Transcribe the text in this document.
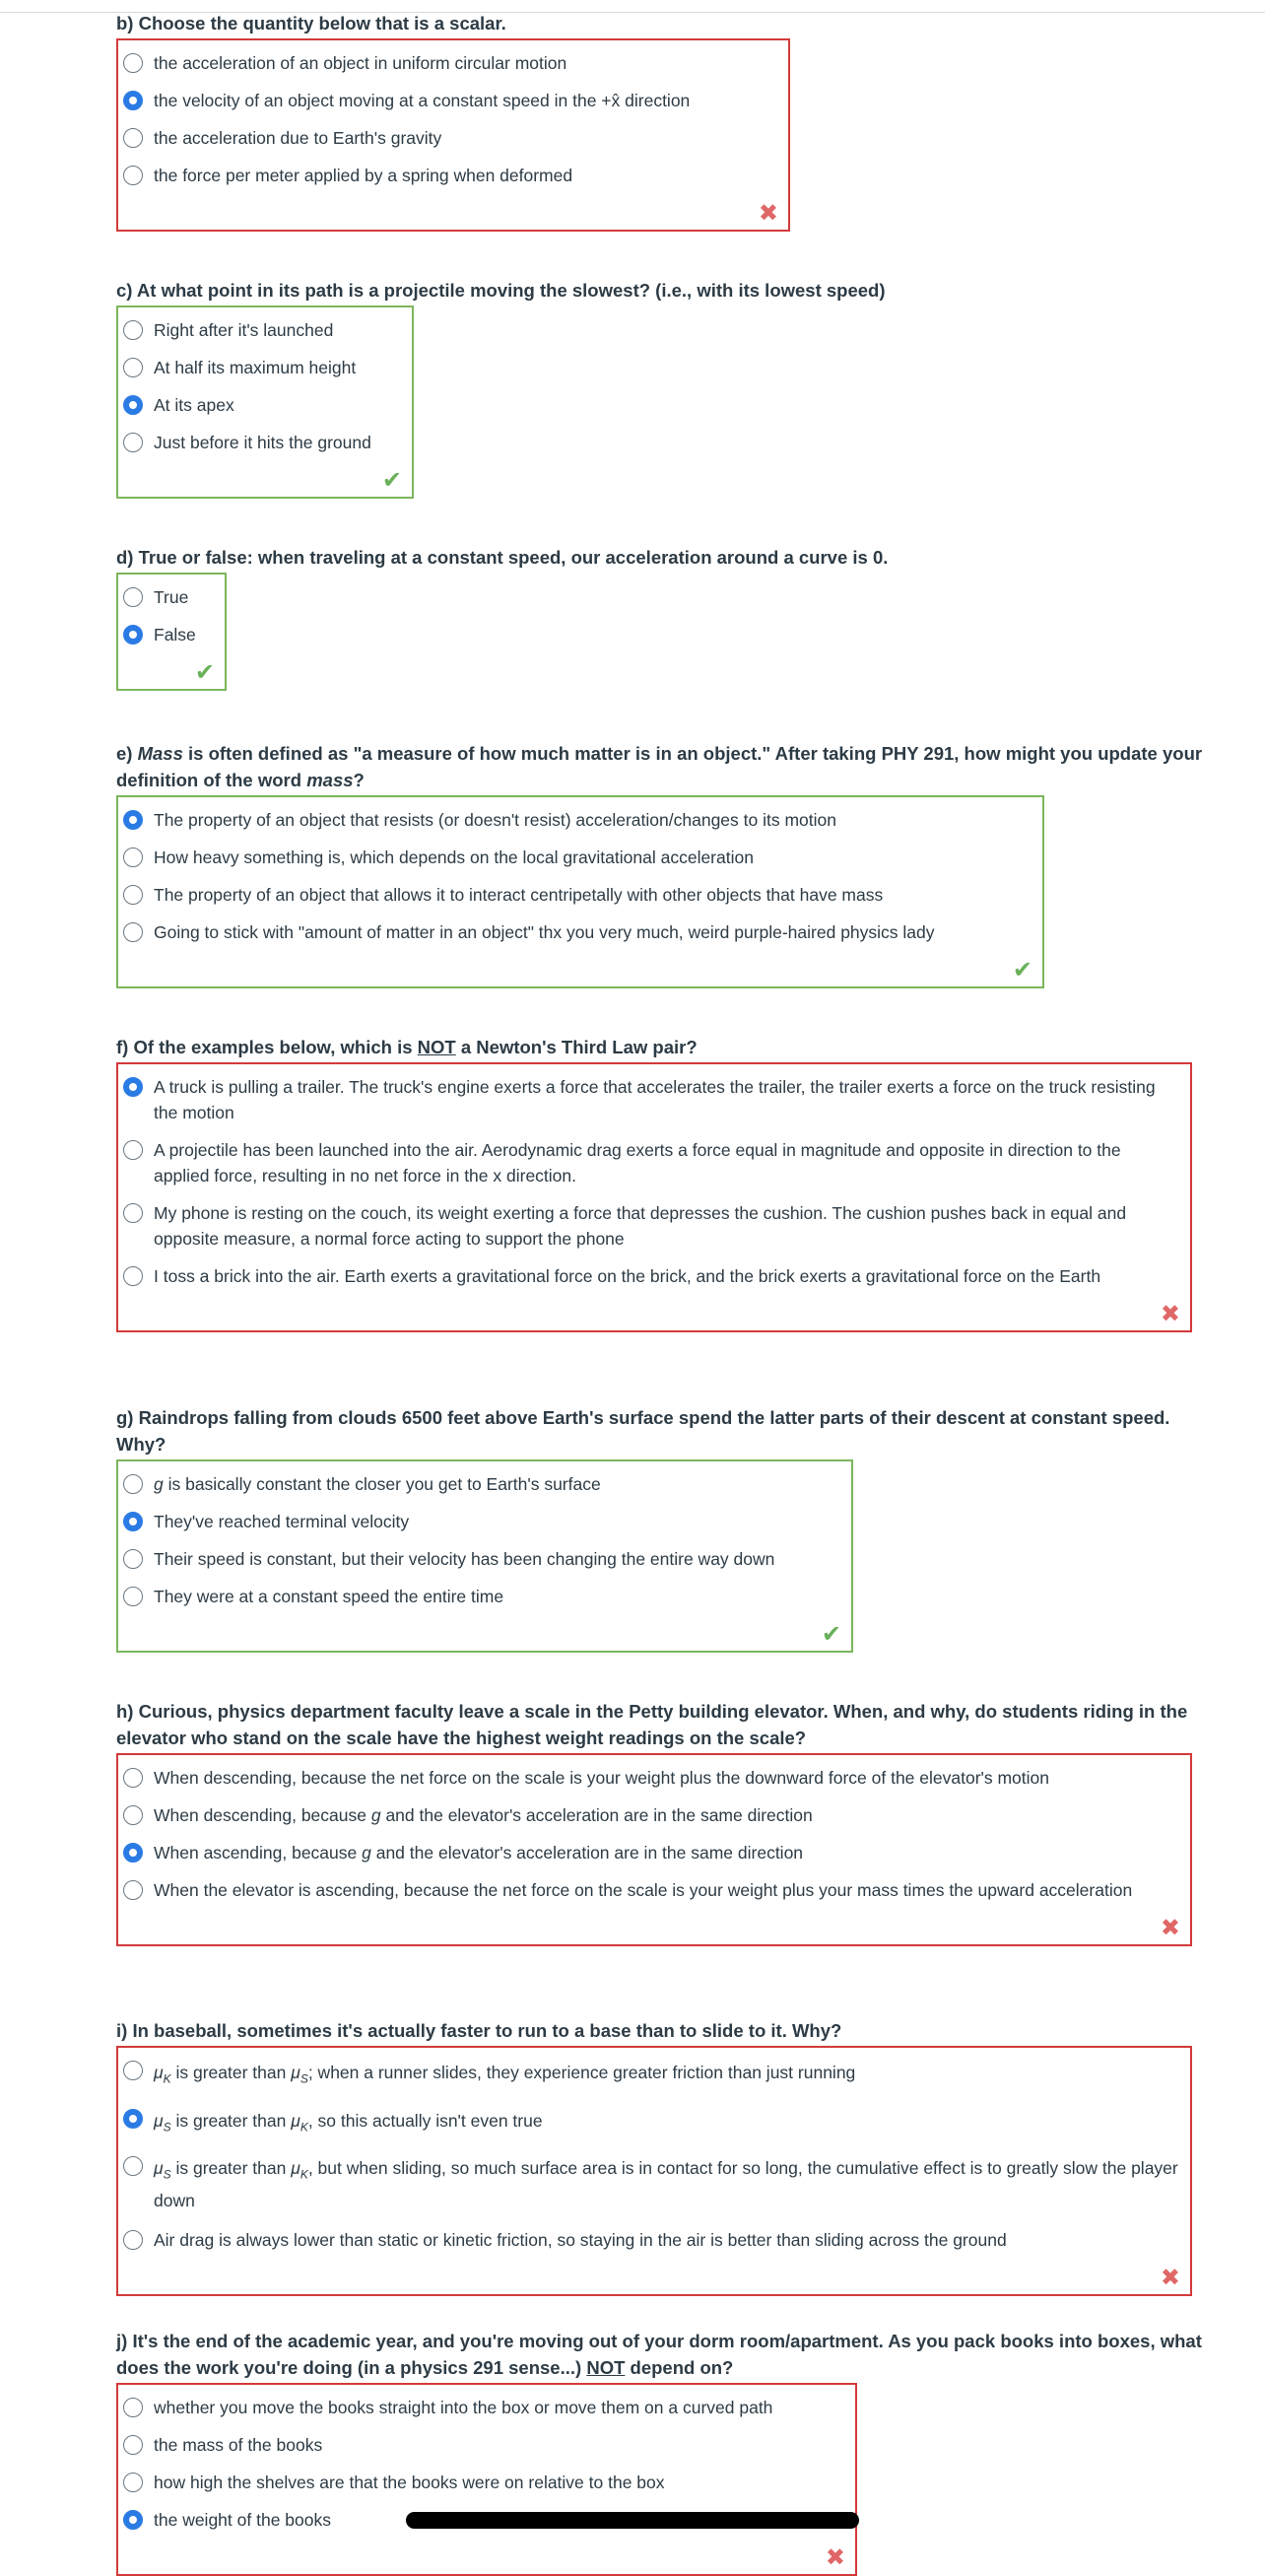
b) Choose the quantity below that is a scalar.

the acceleration of an object in uniform circular motion
the velocity of an object moving at a constant speed in the +x̂ direction
the acceleration due to Earth's gravity
the force per meter applied by a spring when deformed
✖

c) At what point in its path is a projectile moving the slowest? (i.e., with its lowest speed)

Right after it's launched
At half its maximum height
At its apex
Just before it hits the ground
✔

d) True or false: when traveling at a constant speed, our acceleration around a curve is 0.

True
False
✔

e) Mass is often defined as "a measure of how much matter is in an object." After taking PHY 291, how might you update your definition of the word mass?

The property of an object that resists (or doesn't resist) acceleration/changes to its motion
How heavy something is, which depends on the local gravitational acceleration
The property of an object that allows it to interact centripetally with other objects that have mass
Going to stick with "amount of matter in an object" thx you very much, weird purple-haired physics lady
✔

f) Of the examples below, which is NOT a Newton's Third Law pair?

A truck is pulling a trailer. The truck's engine exerts a force that accelerates the trailer, the trailer exerts a force on the truck resisting the motion
A projectile has been launched into the air. Aerodynamic drag exerts a force equal in magnitude and opposite in direction to the applied force, resulting in no net force in the x direction.
My phone is resting on the couch, its weight exerting a force that depresses the cushion. The cushion pushes back in equal and opposite measure, a normal force acting to support the phone
I toss a brick into the air. Earth exerts a gravitational force on the brick, and the brick exerts a gravitational force on the Earth
✖

g) Raindrops falling from clouds 6500 feet above Earth's surface spend the latter parts of their descent at constant speed. Why?

g is basically constant the closer you get to Earth's surface
They've reached terminal velocity
Their speed is constant, but their velocity has been changing the entire way down
They were at a constant speed the entire time
✔

h) Curious, physics department faculty leave a scale in the Petty building elevator. When, and why, do students riding in the elevator who stand on the scale have the highest weight readings on the scale?

When descending, because the net force on the scale is your weight plus the downward force of the elevator's motion
When descending, because g and the elevator's acceleration are in the same direction
When ascending, because g and the elevator's acceleration are in the same direction
When the elevator is ascending, because the net force on the scale is your weight plus your mass times the upward acceleration
✖

i) In baseball, sometimes it's actually faster to run to a base than to slide to it. Why?

$\mu_K$ is greater than $\mu_S$; when a runner slides, they experience greater friction than just running
$\mu_S$ is greater than $\mu_K$, so this actually isn't even true
$\mu_S$ is greater than $\mu_K$, but when sliding, so much surface area is in contact for so long, the cumulative effect is to greatly slow the player down
Air drag is always lower than static or kinetic friction, so staying in the air is better than sliding across the ground
✖

j) It's the end of the academic year, and you're moving out of your dorm room/apartment. As you pack books into boxes, what does the work you're doing (in a physics 291 sense...) NOT depend on?

whether you move the books straight into the box or move them on a curved path
the mass of the books
how high the shelves are that the books were on relative to the box
the weight of the books
✖
